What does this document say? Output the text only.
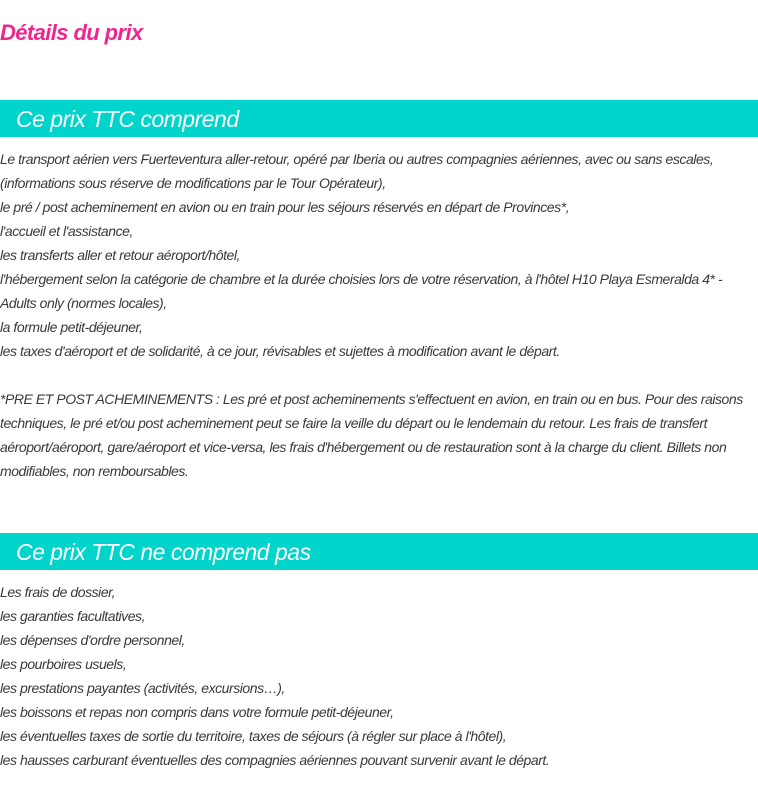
Détails du prix
Ce prix TTC comprend
Le transport aérien vers Fuerteventura aller-retour, opéré par Iberia ou autres compagnies aériennes, avec ou sans escales, (informations sous réserve de modifications par le Tour Opérateur),
le pré / post acheminement en avion ou en train pour les séjours réservés en départ de Provinces*,
l'accueil et l'assistance,
les transferts aller et retour aéroport/hôtel,
l'hébergement selon la catégorie de chambre et la durée choisies lors de votre réservation, à l'hôtel H10 Playa Esmeralda 4* - Adults only (normes locales),
la formule petit-déjeuner,
les taxes d'aéroport et de solidarité, à ce jour, révisables et sujettes à modification avant le départ.
*PRE ET POST ACHEMINEMENTS : Les pré et post acheminements s'effectuent en avion, en train ou en bus. Pour des raisons techniques, le pré et/ou post acheminement peut se faire la veille du départ ou le lendemain du retour. Les frais de transfert aéroport/aéroport, gare/aéroport et vice-versa, les frais d'hébergement ou de restauration sont à la charge du client. Billets non modifiables, non remboursables.
Ce prix TTC ne comprend pas
Les frais de dossier,
les garanties facultatives,
les dépenses d'ordre personnel,
les pourboires usuels,
les prestations payantes (activités, excursions…),
les boissons et repas non compris dans votre formule petit-déjeuner,
les éventuelles taxes de sortie du territoire, taxes de séjours (à régler sur place à l'hôtel),
les hausses carburant éventuelles des compagnies aériennes pouvant survenir avant le départ.
